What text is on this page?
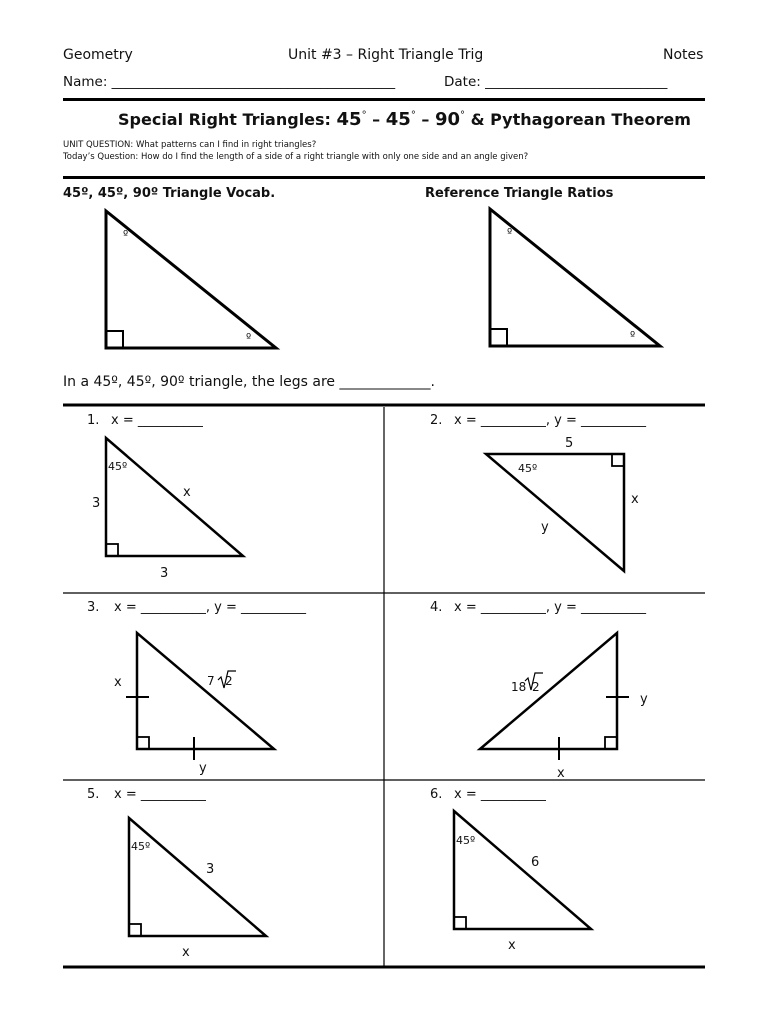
Geometry	Unit #3 – Right Triangle Trig	Notes
Name: __________________________________________	Date: ___________________________
Special Right Triangles: 45° – 45° – 90° & Pythagorean Theorem
UNIT QUESTION: What patterns can I find in right triangles?
Today’s Question: How do I find the length of a side of a right triangle with only one side and an angle given?
45º, 45º, 90º Triangle Vocab.	Reference Triangle Ratios
º
º
º
º
45º
3
x
3
5
45º
x
y
x	7 2
y
18 2
y
x
45º
3
x
45º
6
x
In a 45º, 45º, 90º triangle, the legs are _____________.
1. x = __________	2. x = __________, y = __________
3. x = __________, y = __________	4. x = __________, y = __________
5. x = __________	6. x = __________
